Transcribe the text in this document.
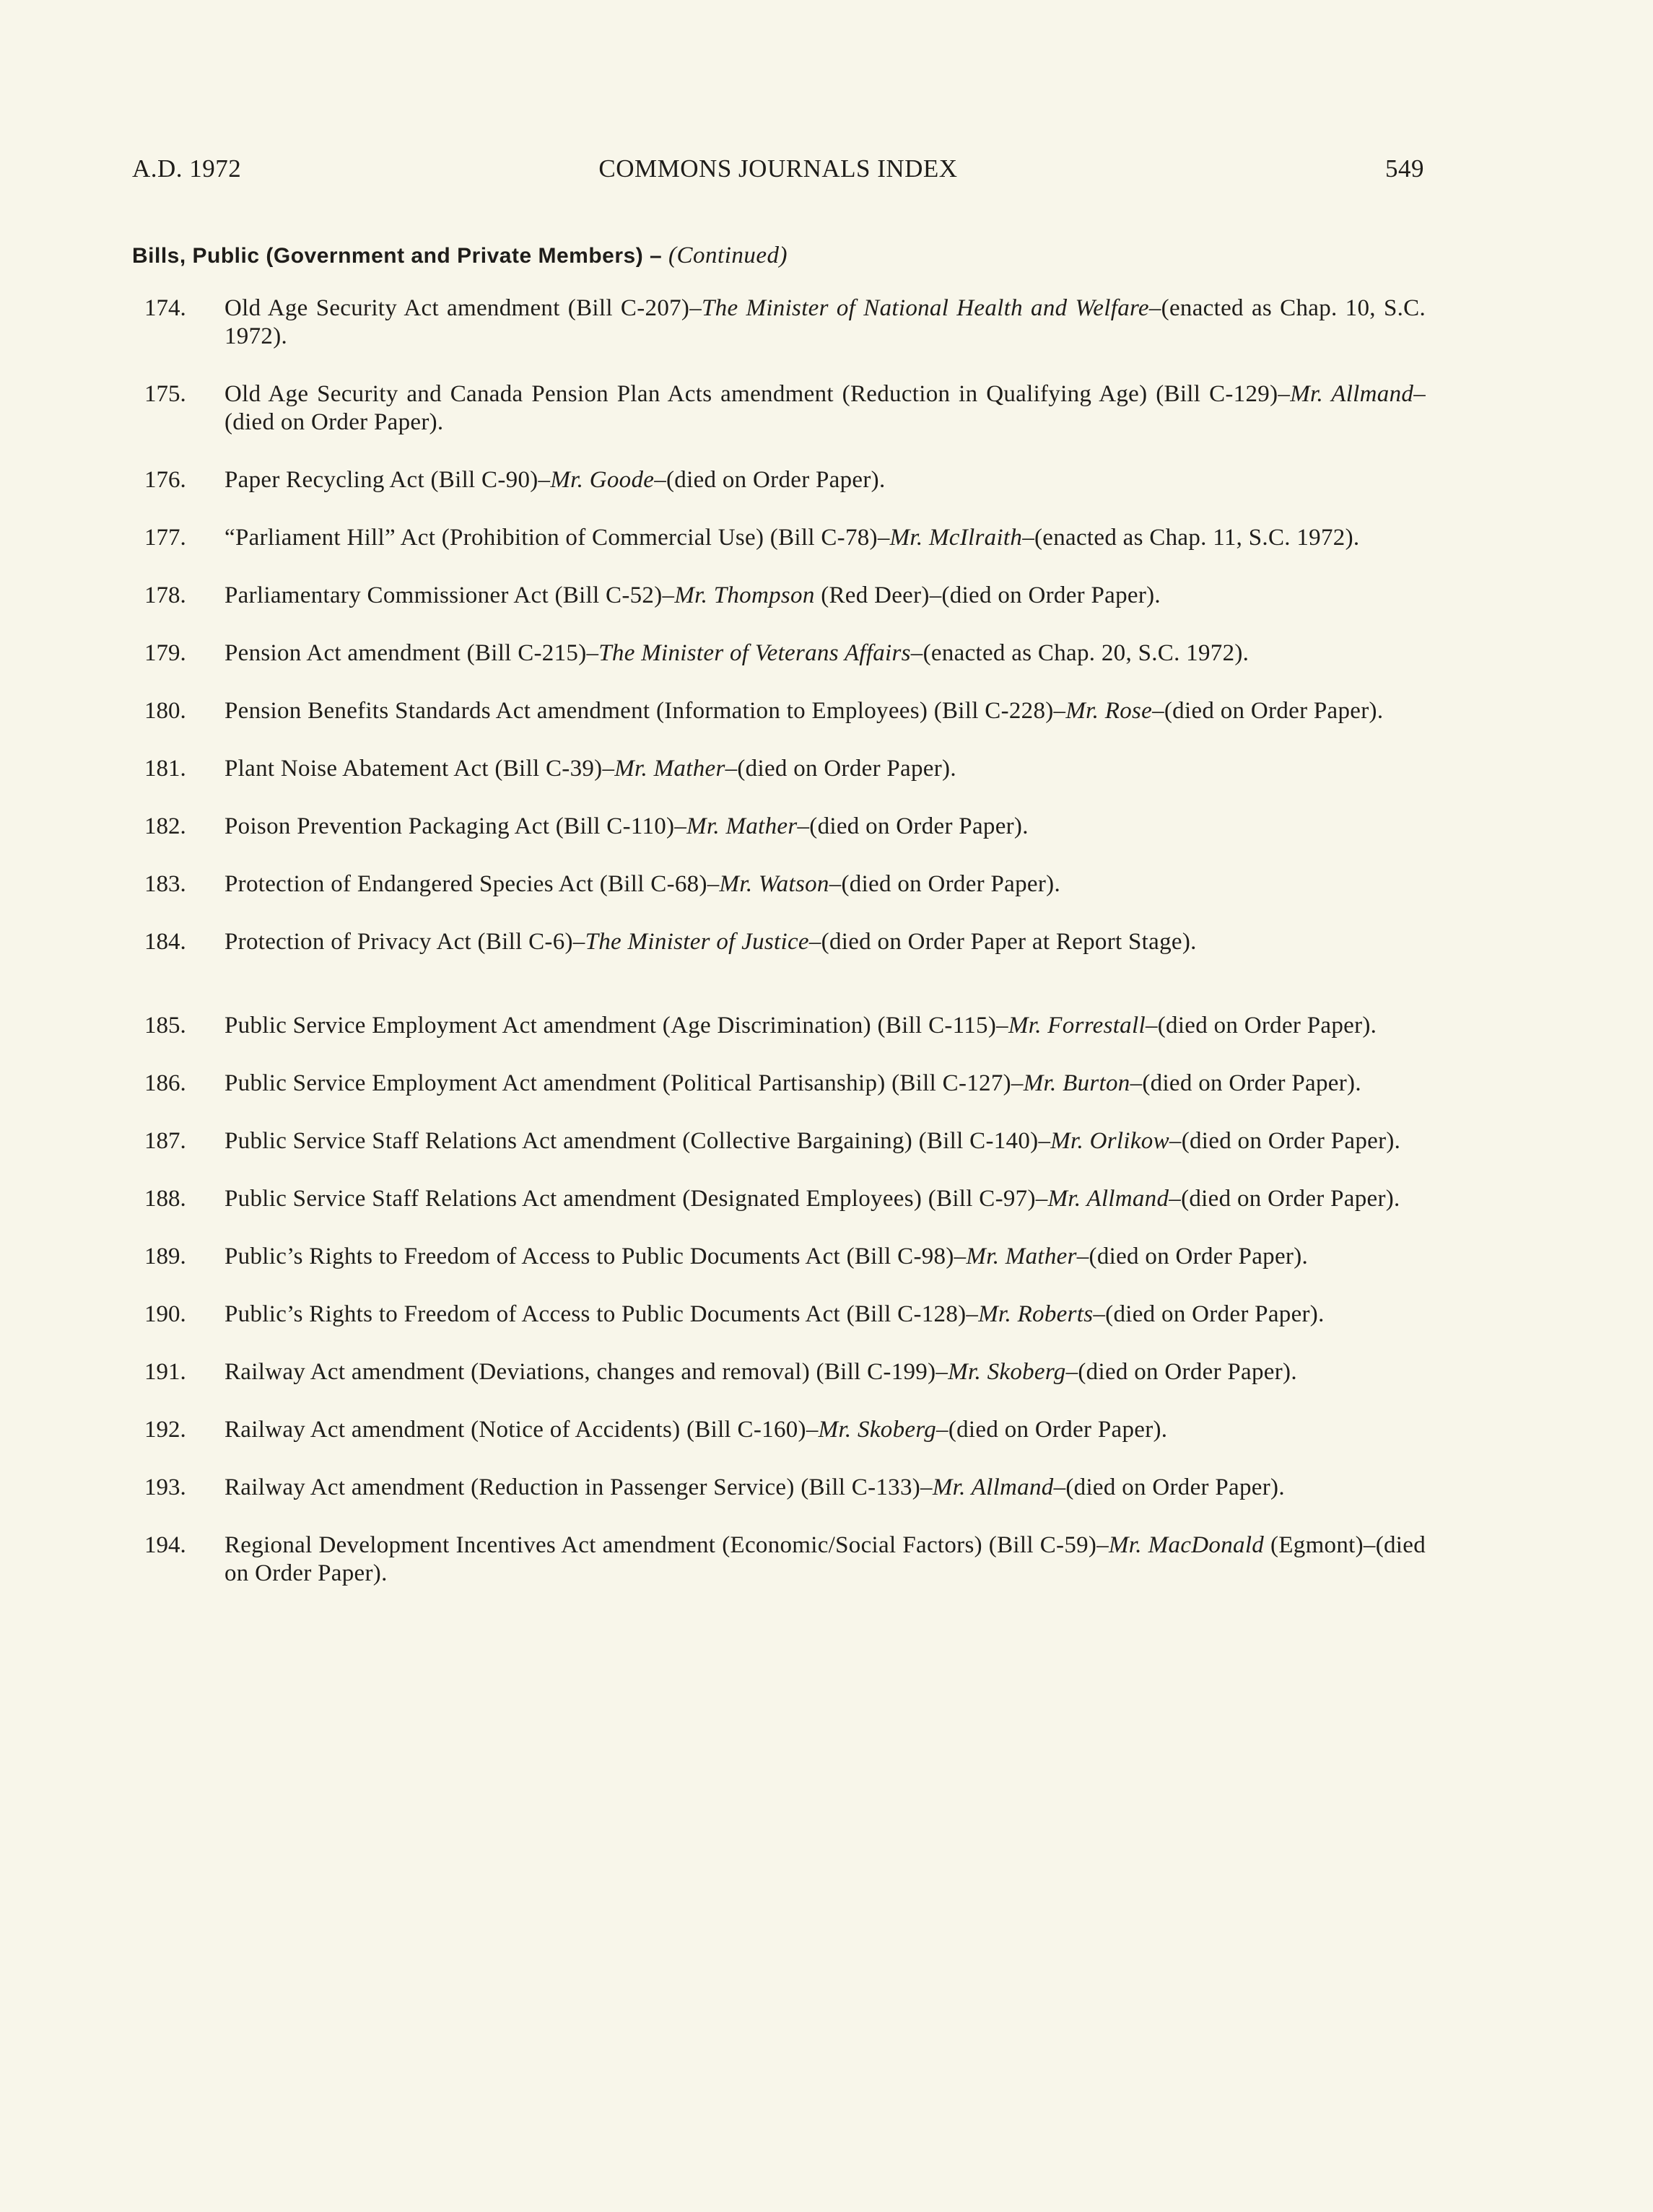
A.D. 1972	COMMONS JOURNALS INDEX	549
Bills, Public (Government and Private Members) – (Continued)
174.	Old Age Security Act amendment (Bill C-207)–The Minister of National Health and Welfare–(enacted as Chap. 10, S.C. 1972).
175.	Old Age Security and Canada Pension Plan Acts amendment (Reduction in Qualifying Age) (Bill C-129)–Mr. Allmand–(died on Order Paper).
176.	Paper Recycling Act (Bill C-90)–Mr. Goode–(died on Order Paper).
177.	“Parliament Hill” Act (Prohibition of Commercial Use) (Bill C-78)–Mr. McIlraith–(enacted as Chap. 11, S.C. 1972).
178.	Parliamentary Commissioner Act (Bill C-52)–Mr. Thompson (Red Deer)–(died on Order Paper).
179.	Pension Act amendment (Bill C-215)–The Minister of Veterans Affairs–(enacted as Chap. 20, S.C. 1972).
180.	Pension Benefits Standards Act amendment (Information to Employees) (Bill C-228)–Mr. Rose–(died on Order Paper).
181.	Plant Noise Abatement Act (Bill C-39)–Mr. Mather–(died on Order Paper).
182.	Poison Prevention Packaging Act (Bill C-110)–Mr. Mather–(died on Order Paper).
183.	Protection of Endangered Species Act (Bill C-68)–Mr. Watson–(died on Order Paper).
184.	Protection of Privacy Act (Bill C-6)–The Minister of Justice–(died on Order Paper at Report Stage).
185.	Public Service Employment Act amendment (Age Discrimination) (Bill C-115)–Mr. Forrestall–(died on Order Paper).
186.	Public Service Employment Act amendment (Political Partisanship) (Bill C-127)–Mr. Burton–(died on Order Paper).
187.	Public Service Staff Relations Act amendment (Collective Bargaining) (Bill C-140)–Mr. Orlikow–(died on Order Paper).
188.	Public Service Staff Relations Act amendment (Designated Employees) (Bill C-97)–Mr. Allmand–(died on Order Paper).
189.	Public’s Rights to Freedom of Access to Public Documents Act (Bill C-98)–Mr. Mather–(died on Order Paper).
190.	Public’s Rights to Freedom of Access to Public Documents Act (Bill C-128)–Mr. Roberts–(died on Order Paper).
191.	Railway Act amendment (Deviations, changes and removal) (Bill C-199)–Mr. Skoberg–(died on Order Paper).
192.	Railway Act amendment (Notice of Accidents) (Bill C-160)–Mr. Skoberg–(died on Order Paper).
193.	Railway Act amendment (Reduction in Passenger Service) (Bill C-133)–Mr. Allmand–(died on Order Paper).
194.	Regional Development Incentives Act amendment (Economic/Social Factors) (Bill C-59)–Mr. MacDonald (Egmont)–(died on Order Paper).
